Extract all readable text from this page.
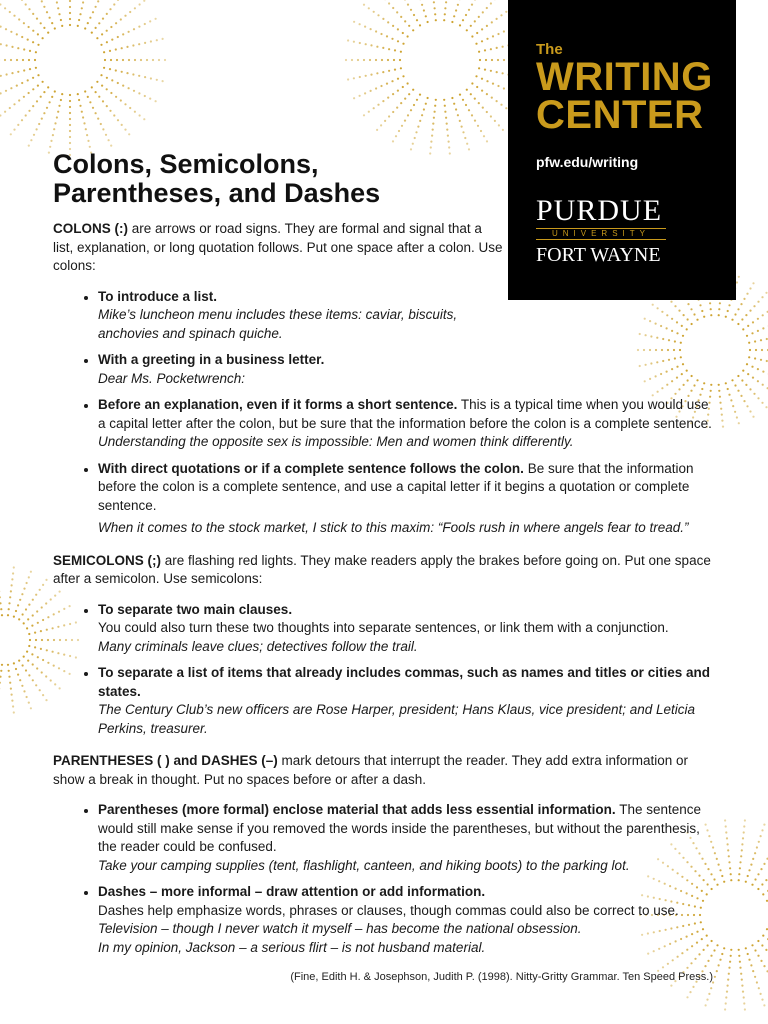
The
WRITING
CENTER
pfw.edu/writing
PURDUE
UNIVERSITY
FORT WAYNE
Colons, Semicolons,
Parentheses, and Dashes

COLONS (:) are arrows or road signs. They are formal and signal that a list, explanation, or long quotation follows. Put one space after a colon. Use colons:

• To introduce a list.
Mike’s luncheon menu includes these items: caviar, biscuits, anchovies and spinach quiche.
• With a greeting in a business letter.
Dear Ms. Pocketwrench:
• Before an explanation, even if it forms a short sentence. This is a typical time when you would use a capital letter after the colon, but be sure that the information before the colon is a complete sentence.
Understanding the opposite sex is impossible: Men and women think differently.
• With direct quotations or if a complete sentence follows the colon. Be sure that the information before the colon is a complete sentence, and use a capital letter if it begins a quotation or complete sentence.
When it comes to the stock market, I stick to this maxim: “Fools rush in where angels fear to tread.”

SEMICOLONS (;) are flashing red lights. They make readers apply the brakes before going on. Put one space after a semicolon. Use semicolons:

• To separate two main clauses.
You could also turn these two thoughts into separate sentences, or link them with a conjunction.
Many criminals leave clues; detectives follow the trail.
• To separate a list of items that already includes commas, such as names and titles or cities and states.
The Century Club’s new officers are Rose Harper, president; Hans Klaus, vice president; and Leticia Perkins, treasurer.

PARENTHESES ( ) and DASHES (–) mark detours that interrupt the reader. They add extra information or show a break in thought. Put no spaces before or after a dash.

• Parentheses (more formal) enclose material that adds less essential information. The sentence would still make sense if you removed the words inside the parentheses, but without the parenthesis, the reader could be confused.
Take your camping supplies (tent, flashlight, canteen, and hiking boots) to the parking lot.
• Dashes – more informal – draw attention or add information.
Dashes help emphasize words, phrases or clauses, though commas could also be correct to use.
Television – though I never watch it myself – has become the national obsession.
In my opinion, Jackson – a serious flirt – is not husband material.
(Fine, Edith H. & Josephson, Judith P. (1998). Nitty-Gritty Grammar. Ten Speed Press.)
